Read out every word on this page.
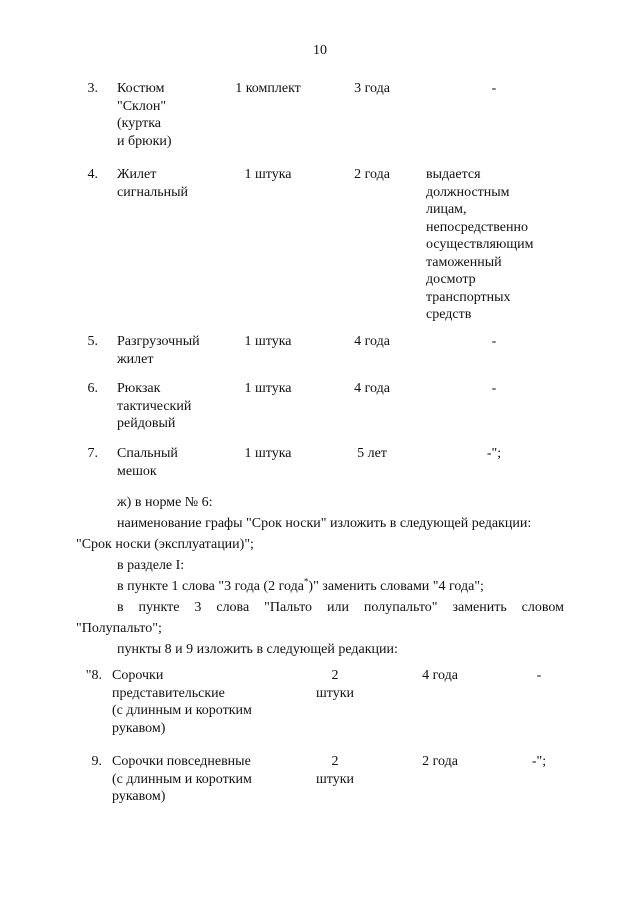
10
3. Костюм
"Склон"
(куртка
и брюки)
1 комплект	3 года	-
4. Жилет
сигнальный
1 штука	2 года	выдается
должностным
лицам,
непосредственно
осуществляющим
таможенный
досмотр
транспортных
средств
5. Разгрузочный
жилет
1 штука	4 года	-
6. Рюкзак
тактический
рейдовый
1 штука	4 года	-
7. Спальный
мешок
1 штука	5 лет	-";
ж) в норме № 6:
наименование графы "Срок носки" изложить в следующей редакции:
"Срок носки (эксплуатации)";
в разделе I:
в пункте 1 слова "3 года (2 года*)" заменить словами "4 года";
в пункте 3 слова "Пальто или полупальто" заменить словом
"Полупальто";
пункты 8 и 9 изложить в следующей редакции:
"8. Сорочки
представительские
(с длинным и коротким
рукавом)
2
штуки
4 года	-
9. Сорочки повседневные
(с длинным и коротким
рукавом)
2
штуки
2 года	-";
